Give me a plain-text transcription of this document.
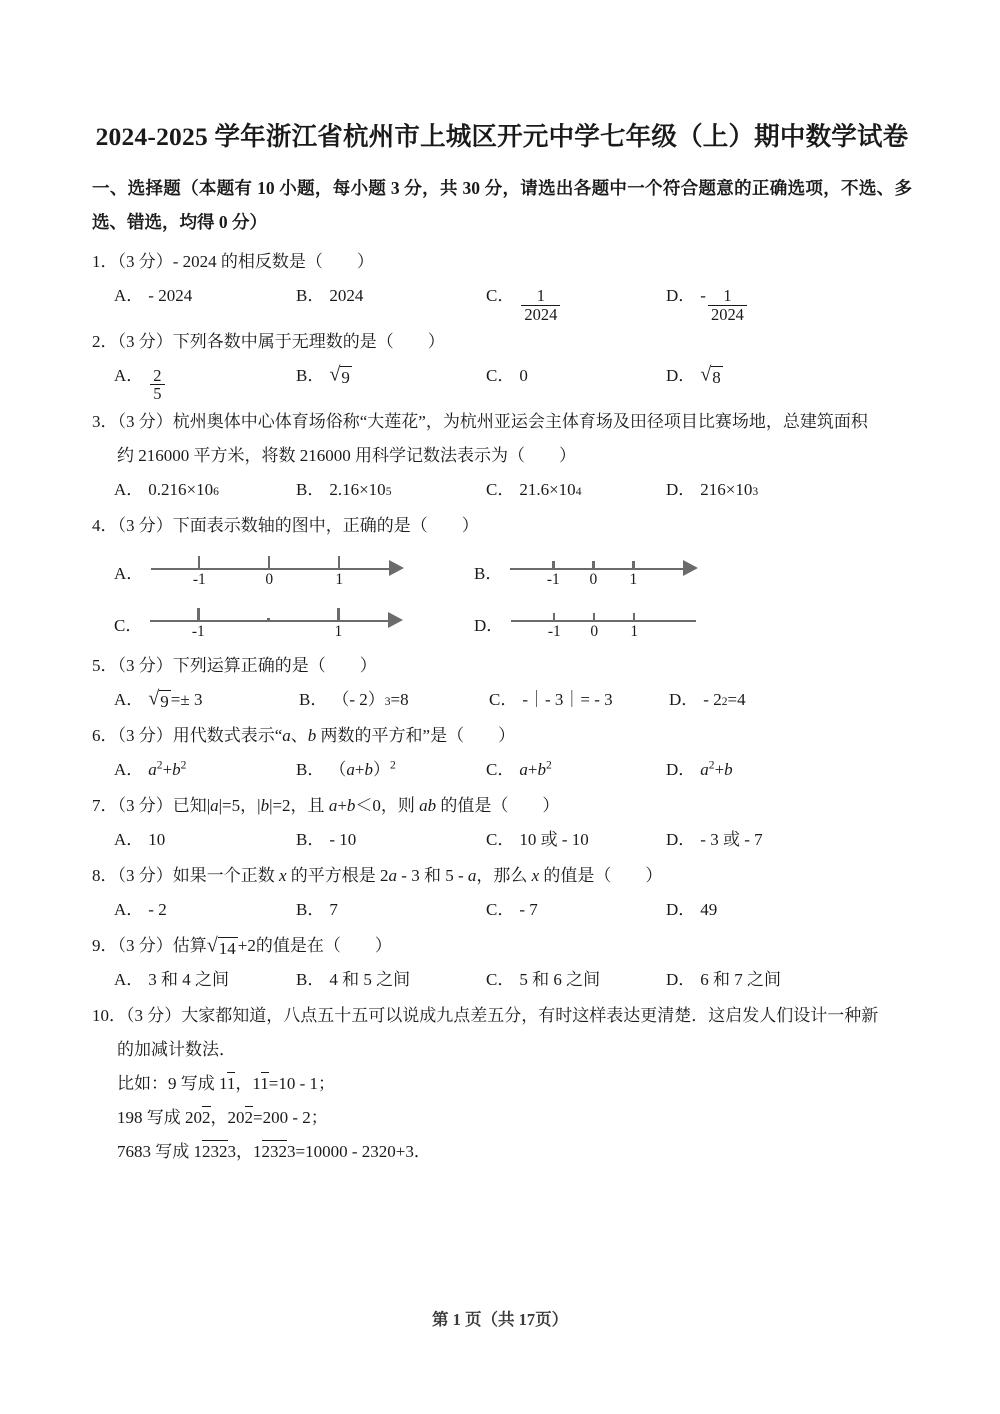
2024-2025 学年浙江省杭州市上城区开元中学七年级（上）期中数学试卷
一、选择题（本题有 10 小题，每小题 3 分，共 30 分，请选出各题中一个符合题意的正确选项，不选、多选、错选，均得 0 分）
1．（3 分）- 2024 的相反数是（　　）
A． - 2024	B． 2024	C． $\frac{1}{2024}$	D． - $\frac{1}{2024}$
2．（3 分）下列各数中属于无理数的是（　　）
A． $\frac{2}{5}$	B． √ 9	C． 0	D． √ 8
3．（3 分）杭州奥体中心体育场俗称“大莲花”，为杭州亚运会主体育场及田径项目比赛场地，总建筑面积
约 216000 平方米，将数 216000 用科学记数法表示为（　　）
A． 0.216×10 6	B． 2.16×10 5	C． 21.6×10 4	D． 216×10 3
4．（3 分）下面表示数轴的图中，正确的是（　　）
A．	-1	0	1	B．	-1 0 1
C．	-1	1	D．	-1 0 1
5．（3 分）下列运算正确的是（　　）
A． √ 9 =± 3	B． （- 2） 3 =8	C． -｜- 3｜= - 3	D． - 2 2 =4
6．（3 分）用代数式表示“a、b 两数的平方和”是（　　）
A． $a^2+b^2$	B． $(a+b)^2$	C． $a+b^2$	D． $a^2+b$
7．（3 分）已知|a|=5，|b|=2，且 a+b＜0，则 ab 的值是（　　）
A． 10	B． - 10	C． 10 或 - 10	D． - 3 或 - 7
8．（3 分）如果一个正数 x 的平方根是 2a - 3 和 5 - a，那么 x 的值是（　　）
A． - 2	B． 7	C． - 7	D． 49
9．（3 分）估算 √ 14 +2的值是在（　　）
A． 3 和 4 之间	B． 4 和 5 之间	C． 5 和 6 之间	D． 6 和 7 之间
10．（3 分）大家都知道，八点五十五可以说成九点差五分，有时这样表达更清楚．这启发人们设计一种新
的加减计数法．
比如：9 写成 11，11=10 - 1；
198 写成 202，202=200 - 2；
7683 写成 12323，12323=10000 - 2320+3．
第 1 页（共 17页）
